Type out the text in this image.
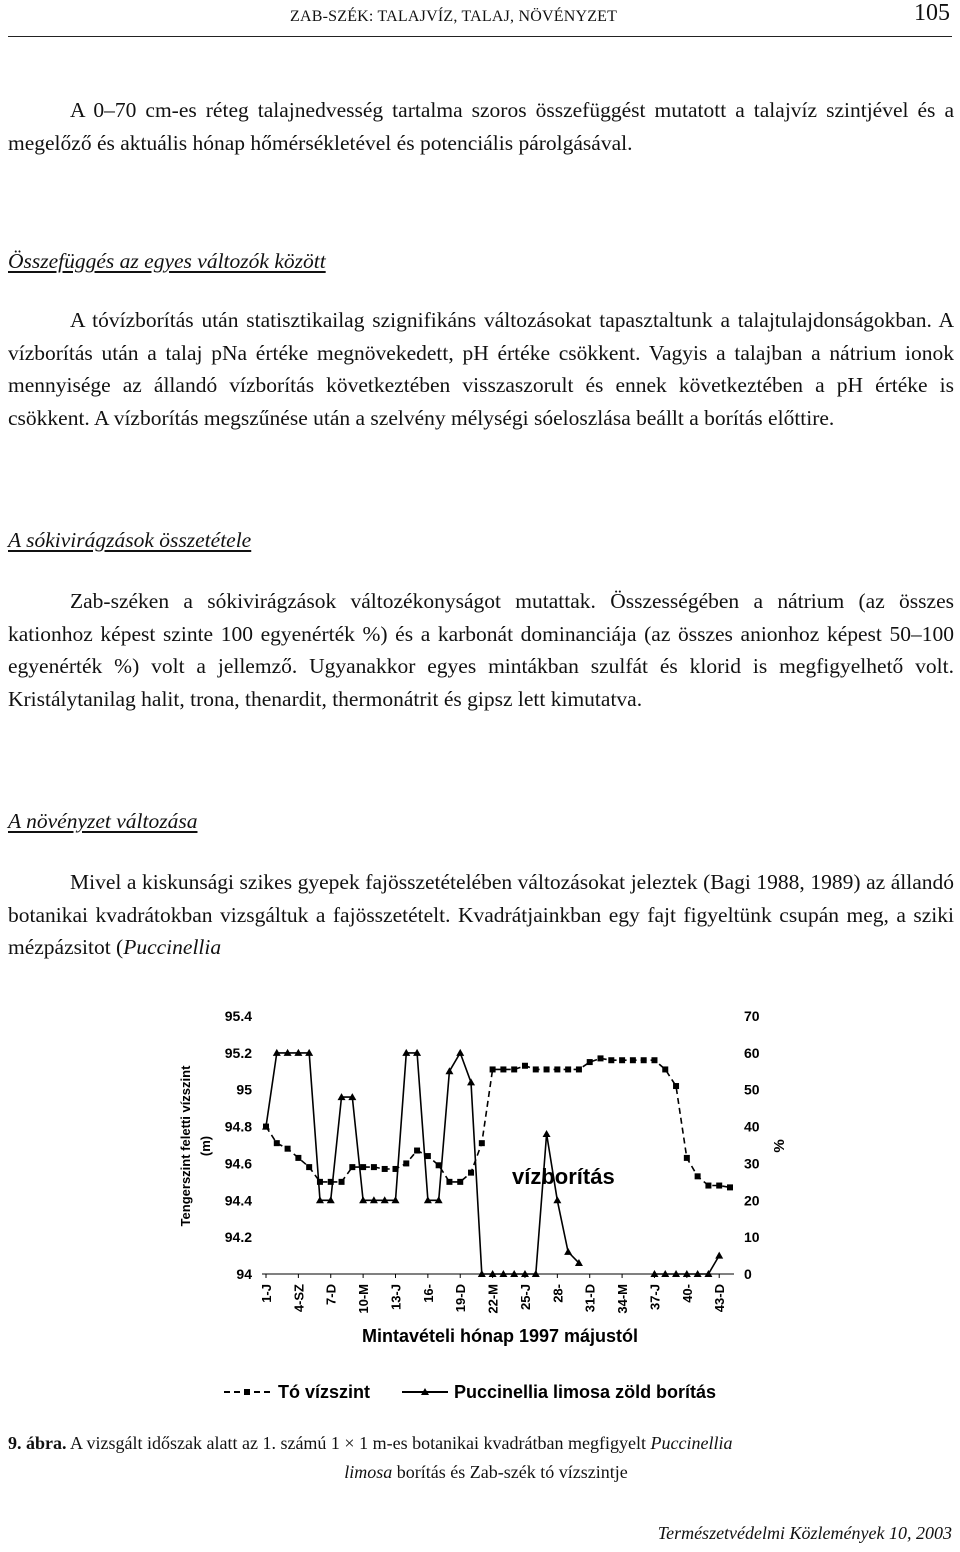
ZAB-SZÉK: TALAJVÍZ, TALAJ, NÖVÉNYZET	105

A 0–70 cm-es réteg talajnedvesség tartalma szoros összefüggést mutatott a talajvíz szintjével és a megelőző és aktuális hónap hőmérsékletével és potenciális párolgásával.

Összefüggés az egyes változók között

A tóvízborítás után statisztikailag szignifikáns változásokat tapasztaltunk a talajtulajdonságokban. A vízborítás után a talaj pNa értéke megnövekedett, pH értéke csökkent. Vagyis a talajban a nátrium ionok mennyisége az állandó vízborítás következtében visszaszorult és ennek következtében a pH értéke is csökkent. A vízborítás megszűnése után a szelvény mélységi sóeloszlása beállt a borítás előttire.

A sókivirágzások összetétele

Zab-széken a sókivirágzások változékonyságot mutattak. Összességében a nátrium (az összes kationhoz képest szinte 100 egyenérték %) és a karbonát dominanciája (az összes anionhoz képest 50–100 egyenérték %) volt a jellemző. Ugyanakkor egyes mintákban szulfát és klorid is megfigyelhető volt. Kristálytanilag halit, trona, thenardit, thermonátrit és gipsz lett kimutatva.

A növényzet változása

Mivel a kiskunsági szikes gyepek fajösszetételében változásokat jeleztek (Bagi 1988, 1989) az állandó botanikai kvadrátokban vizsgáltuk a fajösszetételt. Kvadrátjainkban egy fajt figyeltünk csupán meg, a sziki mézpázsitot (Puccinellia

94
94.2
94.4
94.6
94.8
95
95.2
95.4
0
10
20
30
40
50
60
70
1-J 4-SZ 7-D 10-M 13-J 16- 19-D 22-M 25-J 28- 31-D 34-M 37-J 40- 43-D
vízborítás
Tengerszint feletti vízszint (m)	%
Mintavételi hónap 1997 májustól
Tó vízszint	Puccinellia limosa zöld borítás
9. ábra. A vizsgált időszak alatt az 1. számú 1 × 1 m-es botanikai kvadrátban megfigyelt Puccinellia
limosa borítás és Zab-szék tó vízszintje
Természetvédelmi Közlemények 10, 2003
